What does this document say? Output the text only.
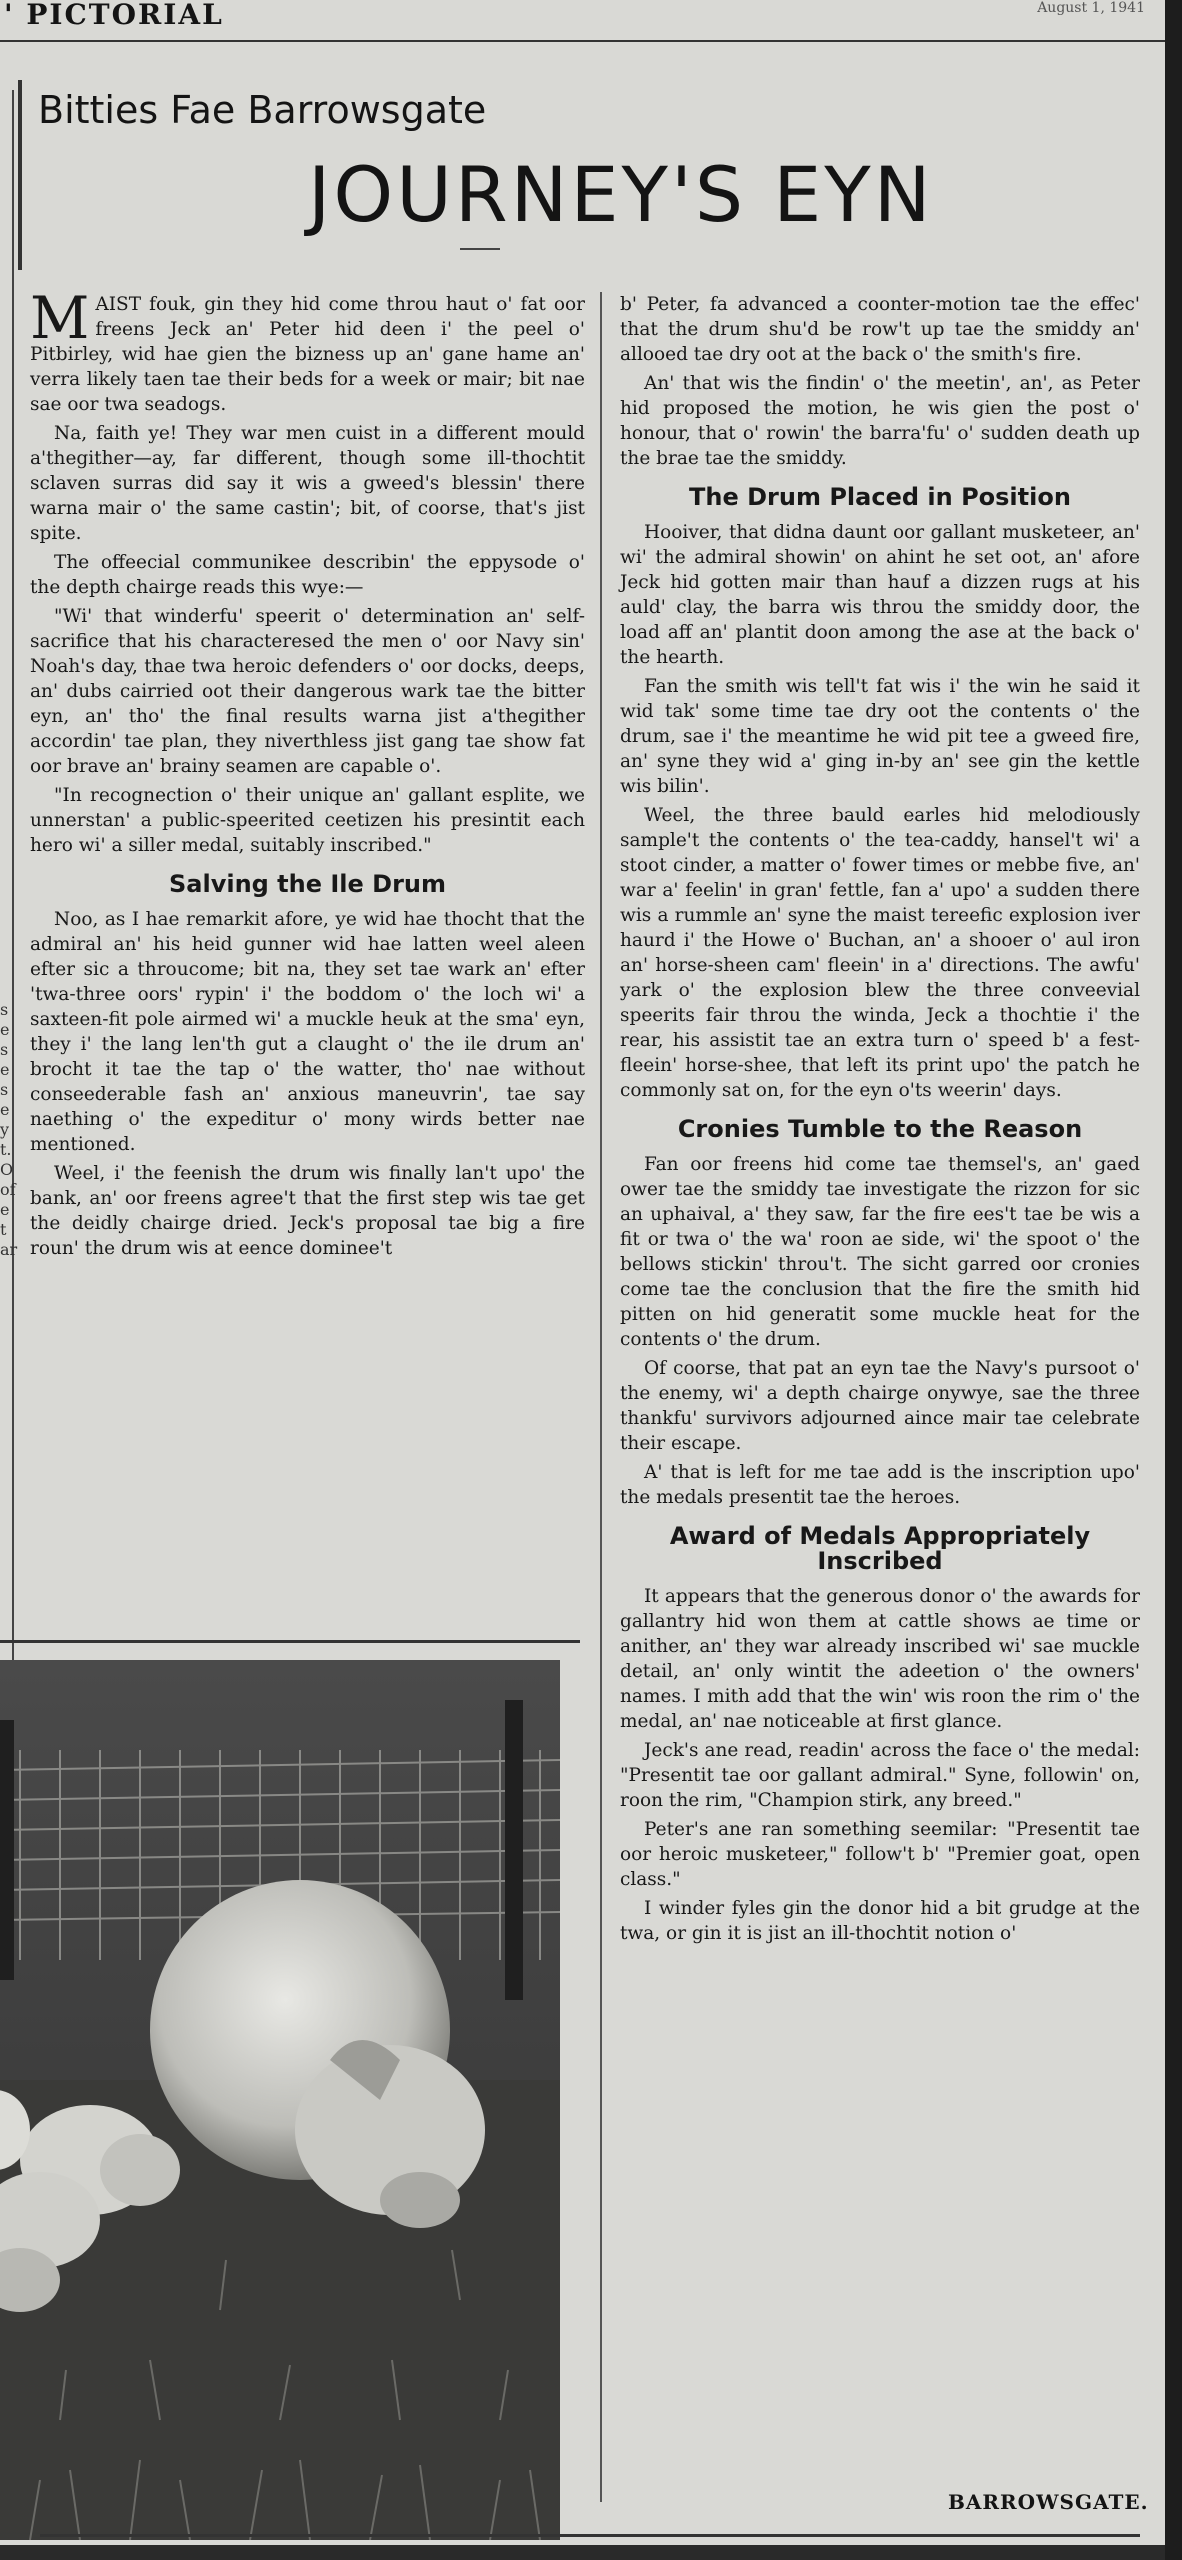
' PICTORIAL	August 1, 1941
s
e
s
e
s
e
y
t.
O
of
e
t
ar
Bitties Fae Barrowsgate
JOURNEY'S EYN

MAIST fouk, gin they hid come throu haut o' fat oor freens Jeck an' Peter hid deen i' the peel o' Pitbirley, wid hae gien the bizness up an' gane hame an' verra likely taen tae their beds for a week or mair; bit nae sae oor twa seadogs.

Na, faith ye! They war men cuist in a different mould a'thegither—ay, far different, though some ill-thochtit sclaven surras did say it wis a gweed's blessin' there warna mair o' the same castin'; bit, of coorse, that's jist spite.

The offeecial communikee describin' the eppysode o' the depth chairge reads this wye:—

"Wi' that winderfu' speerit o' determination an' self-sacrifice that his characteresed the men o' oor Navy sin' Noah's day, thae twa heroic defenders o' oor docks, deeps, an' dubs cairried oot their dangerous wark tae the bitter eyn, an' tho' the final results warna jist a'thegither accordin' tae plan, they niverthless jist gang tae show fat oor brave an' brainy seamen are capable o'.

"In recognection o' their unique an' gallant esplite, we unnerstan' a public-speerited ceetizen his presintit each hero wi' a siller medal, suitably inscribed."

Salving the Ile Drum

Noo, as I hae remarkit afore, ye wid hae thocht that the admiral an' his heid gunner wid hae latten weel aleen efter sic a throucome; bit na, they set tae wark an' efter 'twa-three oors' rypin' i' the boddom o' the loch wi' a saxteen-fit pole airmed wi' a muckle heuk at the sma' eyn, they i' the lang len'th gut a claught o' the ile drum an' brocht it tae the tap o' the watter, tho' nae without conseederable fash an' anxious maneuvrin', tae say naething o' the expeditur o' mony wirds better nae mentioned.

Weel, i' the feenish the drum wis finally lan't upo' the bank, an' oor freens agree't that the first step wis tae get the deidly chairge dried. Jeck's proposal tae big a fire roun' the drum wis at eence dominee't

b' Peter, fa advanced a coonter-motion tae the effec' that the drum shu'd be row't up tae the smiddy an' allooed tae dry oot at the back o' the smith's fire.

An' that wis the findin' o' the meetin', an', as Peter hid proposed the motion, he wis gien the post o' honour, that o' rowin' the barra'fu' o' sudden death up the brae tae the smiddy.

The Drum Placed in Position

Hooiver, that didna daunt oor gallant musketeer, an' wi' the admiral showin' on ahint he set oot, an' afore Jeck hid gotten mair than hauf a dizzen rugs at his auld' clay, the barra wis throu the smiddy door, the load aff an' plantit doon among the ase at the back o' the hearth.

Fan the smith wis tell't fat wis i' the win he said it wid tak' some time tae dry oot the contents o' the drum, sae i' the meantime he wid pit tee a gweed fire, an' syne they wid a' ging in-by an' see gin the kettle wis bilin'.

Weel, the three bauld earles hid melodiously sample't the contents o' the tea-caddy, hansel't wi' a stoot cinder, a matter o' fower times or mebbe five, an' war a' feelin' in gran' fettle, fan a' upo' a sudden there wis a rummle an' syne the maist tereefic explosion iver haurd i' the Howe o' Buchan, an' a shooer o' aul iron an' horse-sheen cam' fleein' in a' directions. The awfu' yark o' the explosion blew the three conveevial speerits fair throu the winda, Jeck a thochtie i' the rear, his assistit tae an extra turn o' speed b' a fest-fleein' horse-shee, that left its print upo' the patch he commonly sat on, for the eyn o'ts weerin' days.

Cronies Tumble to the Reason

Fan oor freens hid come tae themsel's, an' gaed ower tae the smiddy tae investigate the rizzon for sic an uphaival, a' they saw, far the fire ees't tae be wis a fit or twa o' the wa' roon ae side, wi' the spoot o' the bellows stickin' throu't. The sicht garred oor cronies come tae the conclusion that the fire the smith hid pitten on hid generatit some muckle heat for the contents o' the drum.

Of coorse, that pat an eyn tae the Navy's pursoot o' the enemy, wi' a depth chairge onywye, sae the three thankfu' survivors adjourned aince mair tae celebrate their escape.

A' that is left for me tae add is the inscription upo' the medals presentit tae the heroes.

Award of Medals Appropriately Inscribed

It appears that the generous donor o' the awards for gallantry hid won them at cattle shows ae time or anither, an' they war already inscribed wi' sae muckle detail, an' only wintit the adeetion o' the owners' names. I mith add that the win' wis roon the rim o' the medal, an' nae noticeable at first glance.

Jeck's ane read, readin' across the face o' the medal: "Presentit tae oor gallant admiral." Syne, followin' on, roon the rim, "Champion stirk, any breed."

Peter's ane ran something seemilar: "Presentit tae oor heroic musketeer," follow't b' "Premier goat, open class."

I winder fyles gin the donor hid a bit grudge at the twa, or gin it is jist an ill-thochtit notion o'

BARROWSGATE.
